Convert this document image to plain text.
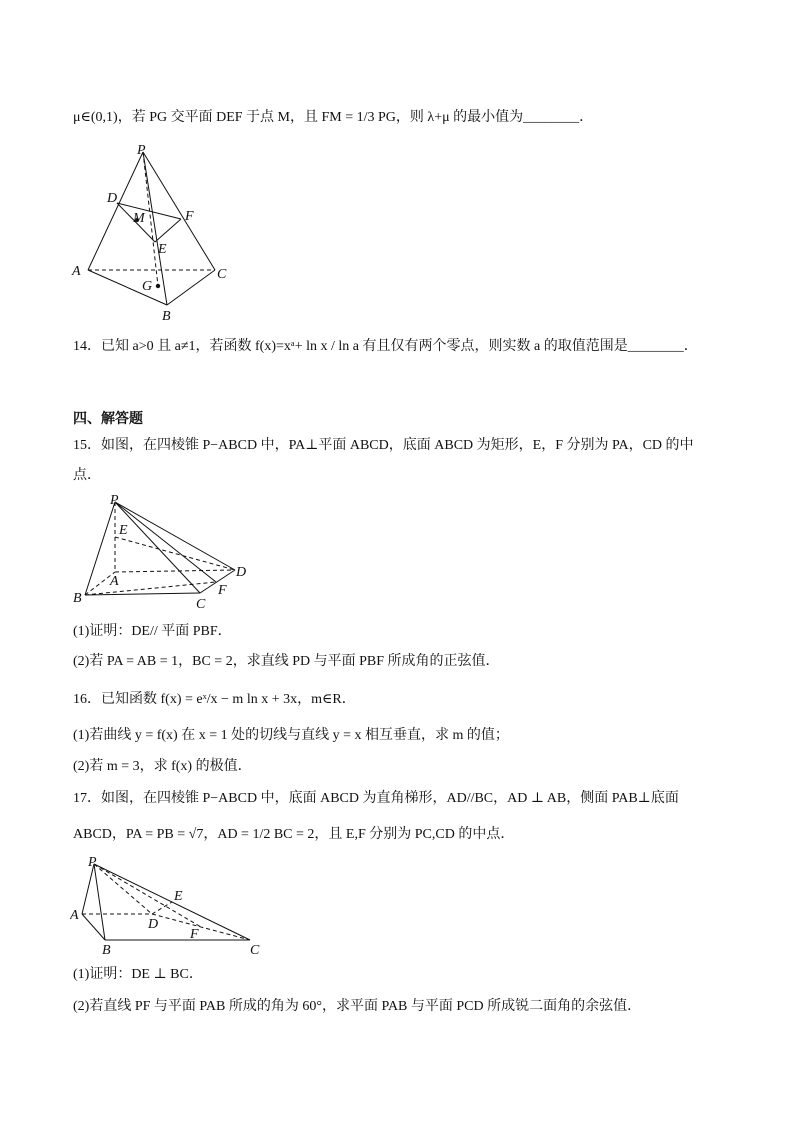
μ∈(0,1)，若 PG 交平面 DEF 于点 M，且 FM = 1/3 PG，则 λ+μ 的最小值为________．
P
D
M	F
E
A	C
G
B
14．已知 a>0 且 a≠1，若函数 f(x)=xᵃ+ ln x / ln a 有且仅有两个零点，则实数 a 的取值范围是________．
四、解答题
15．如图，在四棱锥 P−ABCD 中，PA⊥平面 ABCD，底面 ABCD 为矩形，E，F 分别为 PA，CD 的中
点．
P
E
A
D
B
F
C
(1)证明：DE// 平面 PBF．
(2)若 PA = AB = 1，BC = 2，求直线 PD 与平面 PBF 所成角的正弦值．
16．已知函数 f(x) = eˣ/x − m ln x + 3x，m∈R．
(1)若曲线 y = f(x) 在 x = 1 处的切线与直线 y = x 相互垂直，求 m 的值；
(2)若 m = 3，求 f(x) 的极值．
17．如图，在四棱锥 P−ABCD 中，底面 ABCD 为直角梯形，AD//BC，AD ⊥ AB，侧面 PAB⊥底面
ABCD，PA = PB = √7，AD = 1/2 BC = 2，且 E,F 分别为 PC,CD 的中点．
P
E
A
D
F
B	C
(1)证明：DE ⊥ BC．
(2)若直线 PF 与平面 PAB 所成的角为 60°，求平面 PAB 与平面 PCD 所成锐二面角的余弦值．
